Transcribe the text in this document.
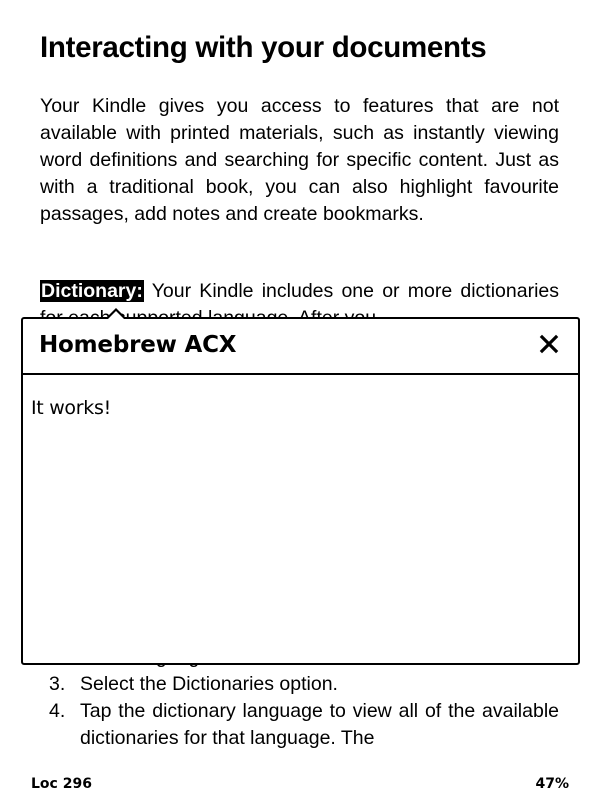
Interacting with your documents

Your Kindle gives you access to features that are not available with printed materials, such as instantly viewing word definitions and searching for specific content. Just as with a traditional book, you can also highlight favourite passages, add notes and create bookmarks.

Dictionary: Your Kindle includes one or more dictionaries

3. Select the Dictionaries option.
4. Tap the dictionary language to view all of the available dictionaries for that language. The
Homebrew ACX
It works!
Loc 296	47%
